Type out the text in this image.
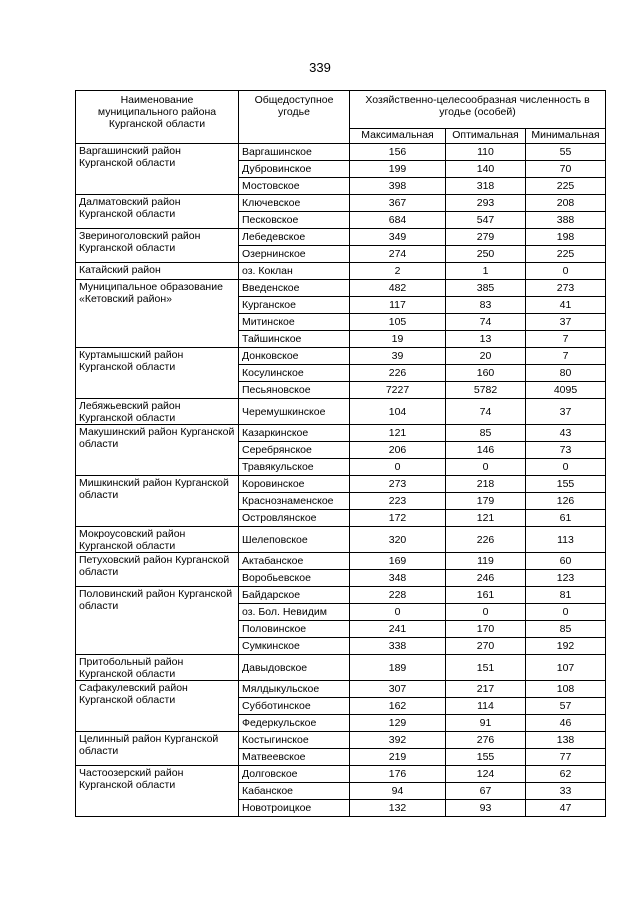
339
Наименование муниципального района Курганской области	Общедоступное угодье	Хозяйственно-целесообразная численность в угодье (особей)		
		Максимальная	Оптимальная	Минимальная
Варгашинский район Курганской области	Варгашинское	156	110	55
	Дубровинское	199	140	70
	Мостовское	398	318	225
Далматовский район Курганской области	Ключевское	367	293	208
	Песковское	684	547	388
Звериноголовский район Курганской области	Лебедевское	349	279	198
	Озернинское	274	250	225
Катайский район	оз. Коклан	2	1	0
Муниципальное образование «Кетовский район»	Введенское	482	385	273
	Курганское	117	83	41
	Митинское	105	74	37
	Тайшинское	19	13	7
Куртамышский район Курганской области	Донковское	39	20	7
	Косулинское	226	160	80
	Песьяновское	7227	5782	4095
Лебяжьевский район Курганской области	Черемушкинское	104	74	37
Макушинский район Курганской области	Казаркинское	121	85	43
	Серебрянское	206	146	73
	Травякульское	0	0	0
Мишкинский район Курганской области	Коровинское	273	218	155
	Краснознаменское	223	179	126
	Островлянское	172	121	61
Мокроусовский район Курганской области	Шелеповское	320	226	113
Петуховский район Курганской области	Актабанское	169	119	60
	Воробьевское	348	246	123
Половинский район Курганской области	Байдарское	228	161	81
	оз. Бол. Невидим	0	0	0
	Половинское	241	170	85
	Сумкинское	338	270	192
Притобольный район Курганской области	Давыдовское	189	151	107
Сафакулевский район Курганской области	Мялдыкульское	307	217	108
	Субботинское	162	114	57
	Федеркульское	129	91	46
Целинный район Курганской области	Костыгинское	392	276	138
	Матвеевское	219	155	77
Частоозерский район Курганской области	Долговское	176	124	62
	Кабанское	94	67	33
	Новотроицкое	132	93	47
